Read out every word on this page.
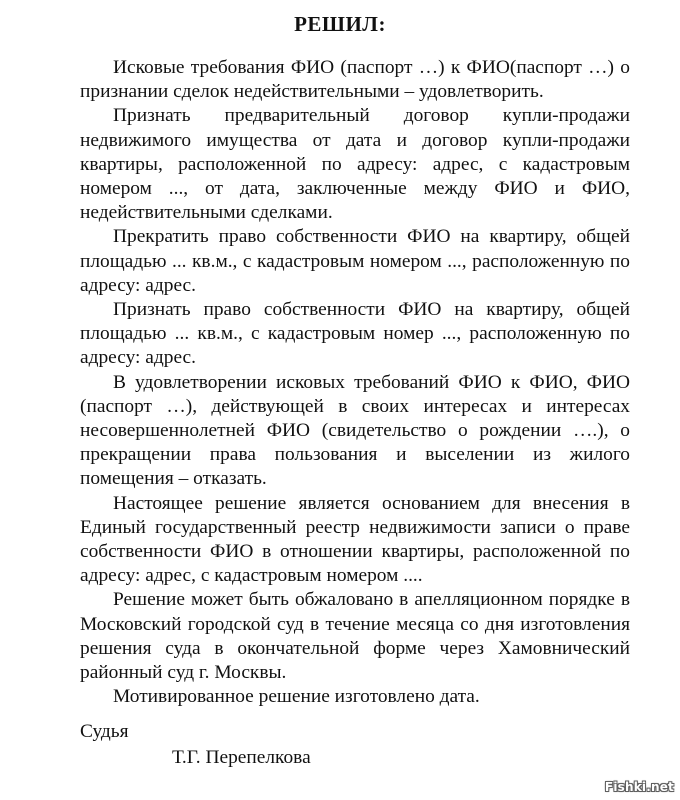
РЕШИЛ:

Исковые требования ФИО (паспорт …) к ФИО(паспорт …) о признании сделок недействительными – удовлетворить.

Признать предварительный договор купли-продажи недвижимого имущества от дата и договор купли-продажи квартиры, расположенной по адресу: адрес, с кадастровым номером ..., от дата, заключенные между ФИО и ФИО, недействительными сделками.

Прекратить право собственности ФИО на квартиру, общей площадью ... кв.м., с кадастровым номером ..., расположенную по адресу: адрес.

Признать право собственности ФИО на квартиру, общей площадью ... кв.м., с кадастровым номер ..., расположенную по адресу: адрес.

В удовлетворении исковых требований ФИО к ФИО, ФИО (паспорт …), действующей в своих интересах и интересах несовершеннолетней ФИО (свидетельство о рождении ….), о прекращении права пользования и выселении из жилого помещения – отказать.

Настоящее решение является основанием для внесения в Единый государственный реестр недвижимости записи о праве собственности ФИО в отношении квартиры, расположенной по адресу: адрес, с кадастровым номером ....

Решение может быть обжаловано в апелляционном порядке в Московский городской суд в течение месяца со дня изготовления решения суда в окончательной форме через Хамовнический районный суд г. Москвы.

Мотивированное решение изготовлено дата.

Судья
Т.Г. Перепелкова
Fishki.net
